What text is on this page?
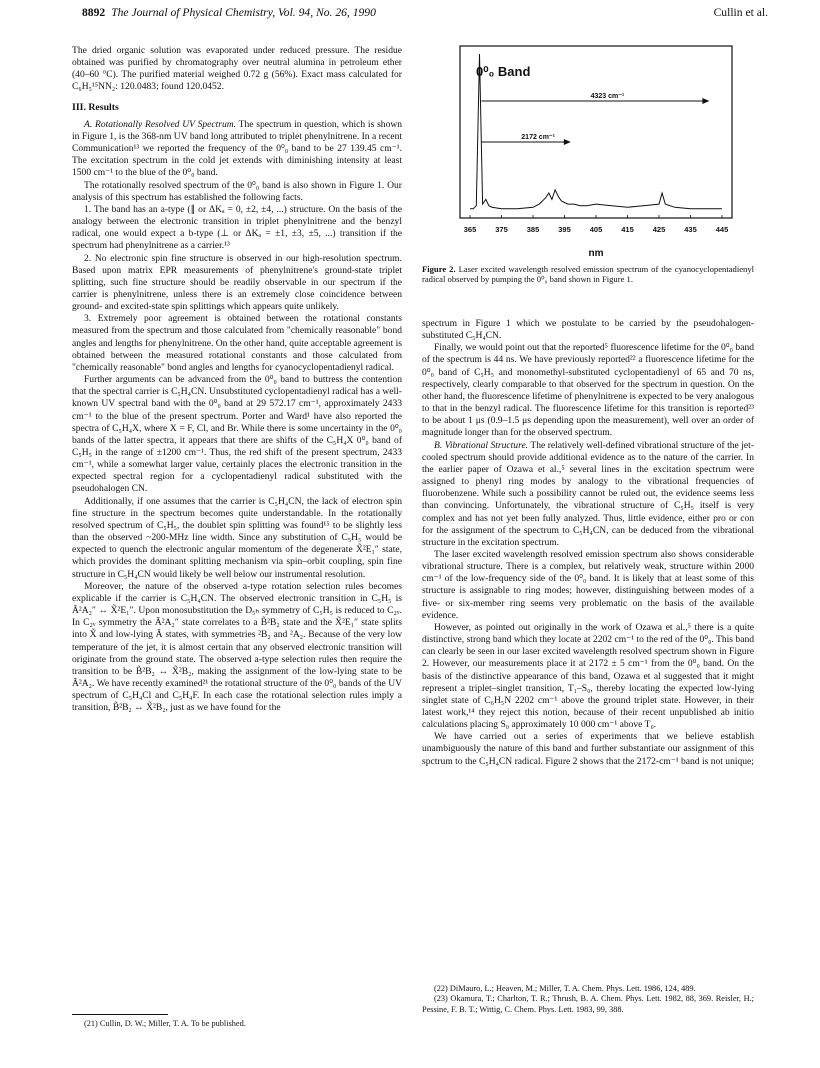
8892 The Journal of Physical Chemistry, Vol. 94, No. 26, 1990	Cullin et al.

The dried organic solution was evaporated under reduced pressure. The residue obtained was purified by chromatography over neutral alumina in petroleum ether (40–60 °C). The purified material weighed 0.72 g (56%). Exact mass calculated for C₆H₅¹⁵NN₂: 120.0483; found 120.0452.

III. Results

A. Rotationally Resolved UV Spectrum. The spectrum in question, which is shown in Figure 1, is the 368-nm UV band long attributed to triplet phenylnitrene. In a recent Communication¹³ we reported the frequency of the 0⁰₀ band to be 27 139.45 cm⁻¹. The excitation spectrum in the cold jet extends with diminishing intensity at least 1500 cm⁻¹ to the blue of the 0⁰₀ band.

The rotationally resolved spectrum of the 0⁰₀ band is also shown in Figure 1. Our analysis of this spectrum has established the following facts.

1. The band has an a-type (∥ or ΔKₐ = 0, ±2, ±4, ...) structure. On the basis of the analogy between the electronic transition in triplet phenylnitrene and the benzyl radical, one would expect a b-type (⊥ or ΔKₐ = ±1, ±3, ±5, ...) transition if the spectrum had phenylnitrene as a carrier.¹³

2. No electronic spin fine structure is observed in our high-resolution spectrum. Based upon matrix EPR measurements of phenylnitrene's ground-state triplet splitting, such fine structure should be readily observable in our spectrum if the carrier is phenylnitrene, unless there is an extremely close coincidence between ground- and excited-state spin splittings which appears quite unlikely.

3. Extremely poor agreement is obtained between the rotational constants measured from the spectrum and those calculated from "chemically reasonable" bond angles and lengths for phenylnitrene. On the other hand, quite acceptable agreement is obtained between the measured rotational constants and those calculated from "chemically reasonable" bond angles and lengths for cyanocyclopentadienyl radical.

Further arguments can be advanced from the 0⁰₀ band to buttress the contention that the spectral carrier is C₅H₄CN. Unsubstituted cyclopentadienyl radical has a well-known UV spectral band with the 0⁰₀ band at 29 572.17 cm⁻¹, approximately 2433 cm⁻¹ to the blue of the present spectrum. Porter and Ward¹ have also reported the spectra of C₅H₄X, where X = F, Cl, and Br. While there is some uncertainty in the 0⁰₀ bands of the latter spectra, it appears that there are shifts of the C₅H₄X 0⁰₀ band of C₅H₅ in the range of ±1200 cm⁻¹. Thus, the red shift of the present spectrum, 2433 cm⁻¹, while a somewhat larger value, certainly places the electronic transition in the expected spectral region for a cyclopentadienyl radical substituted with the pseudohalogen CN.

Additionally, if one assumes that the carrier is C₅H₄CN, the lack of electron spin fine structure in the spectrum becomes quite understandable. In the rotationally resolved spectrum of C₅H₅, the doublet spin splitting was found¹⁵ to be slightly less than the observed ~200-MHz line width. Since any substitution of C₅H₅ would be expected to quench the electronic angular momentum of the degenerate X̃²E₁″ state, which provides the dominant splitting mechanism via spin–orbit coupling, spin fine structure in C₅H₄CN would likely be well below our instrumental resolution.

Moreover, the nature of the observed a-type rotation selection rules becomes explicable if the carrier is C₅H₄CN. The observed electronic transition in C₅H₅ is Ã²A₂″ ↔ X̃²E₁″. Upon monosubstitution the D₅ₕ symmetry of C₅H₅ is reduced to C₂ᵥ. In C₂ᵥ symmetry the Ã²A₂″ state correlates to a B̃²B₂ state and the X̃²E₁″ state splits into X̃ and low-lying Ã states, with symmetries ²B₂ and ²A₂. Because of the very low temperature of the jet, it is almost certain that any observed electronic transition will originate from the ground state. The observed a-type selection rules then require the transition to be B̃²B₂ ↔ X̃²B₂, making the assignment of the low-lying state to be Ã²A₂. We have recently examined²¹ the rotational structure of the 0⁰₀ bands of the UV spectrum of C₅H₄Cl and C₅H₄F. In each case the rotational selection rules imply a transition, B̃²B₂ ↔ X̃²B₂, just as we have found for the

(21) Cullin, D. W.; Miller, T. A. To be published.

0⁰₀ Band
4323 cm⁻¹
2172 cm⁻¹
365	375	385	395	405	415	425	435	445
nm
Figure 2. Laser excited wavelength resolved emission spectrum of the cyanocyclopentadienyl radical observed by pumping the 0⁰₀ band shown in Figure 1.

spectrum in Figure 1 which we postulate to be carried by the pseudohalogen-substituted C₅H₄CN.

Finally, we would point out that the reported⁵ fluorescence lifetime for the 0⁰₀ band of the spectrum is 44 ns. We have previously reported²² a fluorescence lifetime for the 0⁰₀ band of C₅H₅ and monomethyl-substituted cyclopentadienyl of 65 and 70 ns, respectively, clearly comparable to that observed for the spectrum in question. On the other hand, the fluorescence lifetime of phenylnitrene is expected to be very analogous to that in the benzyl radical. The fluorescence lifetime for this transition is reported²³ to be about 1 μs (0.9–1.5 μs depending upon the measurement), well over an order of magnitude longer than for the observed spectrum.

B. Vibrational Structure. The relatively well-defined vibrational structure of the jet-cooled spectrum should provide additional evidence as to the nature of the carrier. In the earlier paper of Ozawa et al.,⁵ several lines in the excitation spectrum were assigned to phenyl ring modes by analogy to the vibrational frequencies of fluorobenzene. While such a possibility cannot be ruled out, the evidence seems less than convincing. Unfortunately, the vibrational structure of C₅H₅ itself is very complex and has not yet been fully analyzed. Thus, little evidence, either pro or con for the assignment of the spectrum to C₅H₄CN, can be deduced from the vibrational structure in the excitation spectrum.

The laser excited wavelength resolved emission spectrum also shows considerable vibrational structure. There is a complex, but relatively weak, structure within 2000 cm⁻¹ of the low-frequency side of the 0⁰₀ band. It is likely that at least some of this structure is assignable to ring modes; however, distinguishing between modes of a five- or six-member ring seems very problematic on the basis of the available evidence.

However, as pointed out originally in the work of Ozawa et al.,⁵ there is a quite distinctive, strong band which they locate at 2202 cm⁻¹ to the red of the 0⁰₀. This band can clearly be seen in our laser excited wavelength resolved spectrum shown in Figure 2. However, our measurements place it at 2172 ± 5 cm⁻¹ from the 0⁰₀ band. On the basis of the distinctive appearance of this band, Ozawa et al suggested that it might represent a triplet–singlet transition, T₁–S₀, thereby locating the expected low-lying singlet state of C₆H₅N 2202 cm⁻¹ above the ground triplet state. However, in their latest work,¹⁴ they reject this notion, because of their recent unpublished ab initio calculations placing S₀ approximately 10 000 cm⁻¹ above T₀.

We have carried out a series of experiments that we believe establish unambiguously the nature of this band and further substantiate our assignment of this spctrum to the C₅H₄CN radical. Figure 2 shows that the 2172-cm⁻¹ band is not unique;

(22) DiMauro, L.; Heaven, M.; Miller, T. A. Chem. Phys. Lett. 1986, 124, 489.

(23) Okamura, T.; Charlton, T. R.; Thrush, B. A. Chem. Phys. Lett. 1982, 88, 369. Reisler, H.; Pessine, F. B. T.; Wittig, C. Chem. Phys. Lett. 1983, 99, 388.
